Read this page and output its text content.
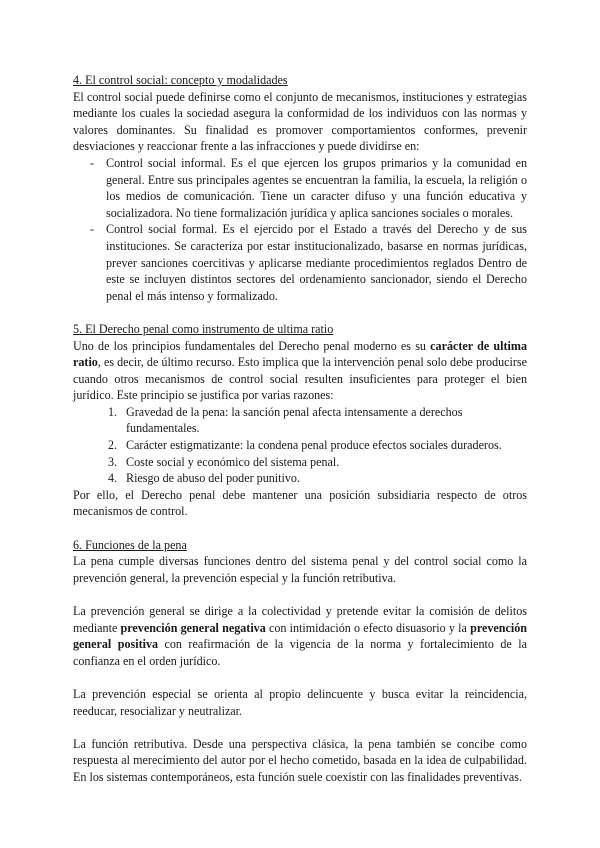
4. El control social: concepto y modalidades

El control social puede definirse como el conjunto de mecanismos, instituciones y estrategias mediante los cuales la sociedad asegura la conformidad de los individuos con las normas y valores dominantes. Su finalidad es promover comportamientos conformes, prevenir desviaciones y reaccionar frente a las infracciones y puede dividirse en:

- Control social informal. Es el que ejercen los grupos primarios y la comunidad en general. Entre sus principales agentes se encuentran la familia, la escuela, la religión o los medios de comunicación. Tiene un caracter difuso y una función educativa y socializadora. No tiene formalización jurídica y aplica sanciones sociales o morales.
- Control social formal. Es el ejercido por el Estado a través del Derecho y de sus instituciones. Se caracteriza por estar institucionalizado, basarse en normas jurídicas, prever sanciones coercitivas y aplicarse mediante procedimientos reglados Dentro de este se incluyen distintos sectores del ordenamiento sancionador, siendo el Derecho penal el más intenso y formalizado.

5. El Derecho penal como instrumento de ultima ratio

Uno de los principios fundamentales del Derecho penal moderno es su carácter de ultima ratio, es decir, de último recurso. Esto implica que la intervención penal solo debe producirse cuando otros mecanismos de control social resulten insuficientes para proteger el bien jurídico. Este principio se justifica por varias razones:

1. Gravedad de la pena: la sanción penal afecta intensamente a derechos fundamentales.
2. Carácter estigmatizante: la condena penal produce efectos sociales duraderos.
3. Coste social y económico del sistema penal.
4. Riesgo de abuso del poder punitivo.

Por ello, el Derecho penal debe mantener una posición subsidiaria respecto de otros mecanismos de control.

6. Funciones de la pena

La pena cumple diversas funciones dentro del sistema penal y del control social como la prevención general, la prevención especial y la función retributiva.

La prevención general se dirige a la colectividad y pretende evitar la comisión de delitos mediante prevención general negativa con intimidación o efecto disuasorio y la prevención general positiva con reafirmación de la vigencia de la norma y fortalecimiento de la confianza en el orden jurídico.

La prevención especial se orienta al propio delincuente y busca evitar la reincidencia, reeducar, resocializar y neutralizar.

La función retributiva. Desde una perspectiva clásica, la pena también se concibe como respuesta al merecimiento del autor por el hecho cometido, basada en la idea de culpabilidad. En los sistemas contemporáneos, esta función suele coexistir con las finalidades preventivas.
